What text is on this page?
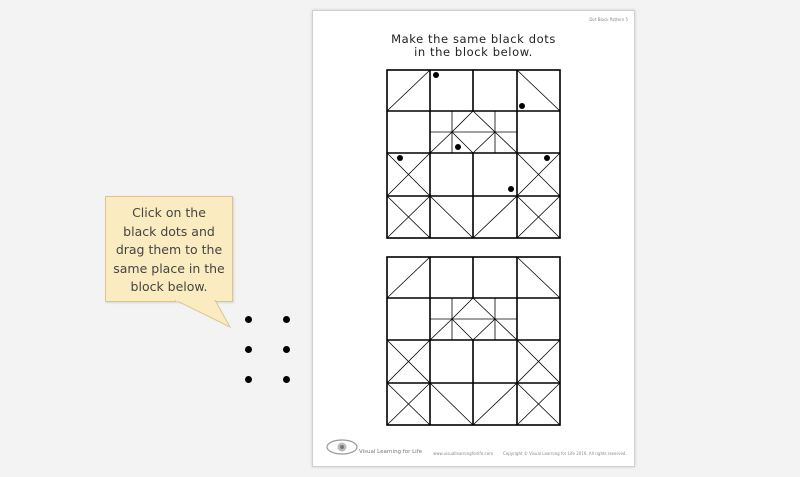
Dot Block Pattern 5
Make the same black dots
in the block below.
Visual Learning for Life	www.visuallearningforlife.com Copyright © Visual Learning for Life 2016. All rights reserved.
Click on the
black dots and
drag them to the
same place in the
block below.
